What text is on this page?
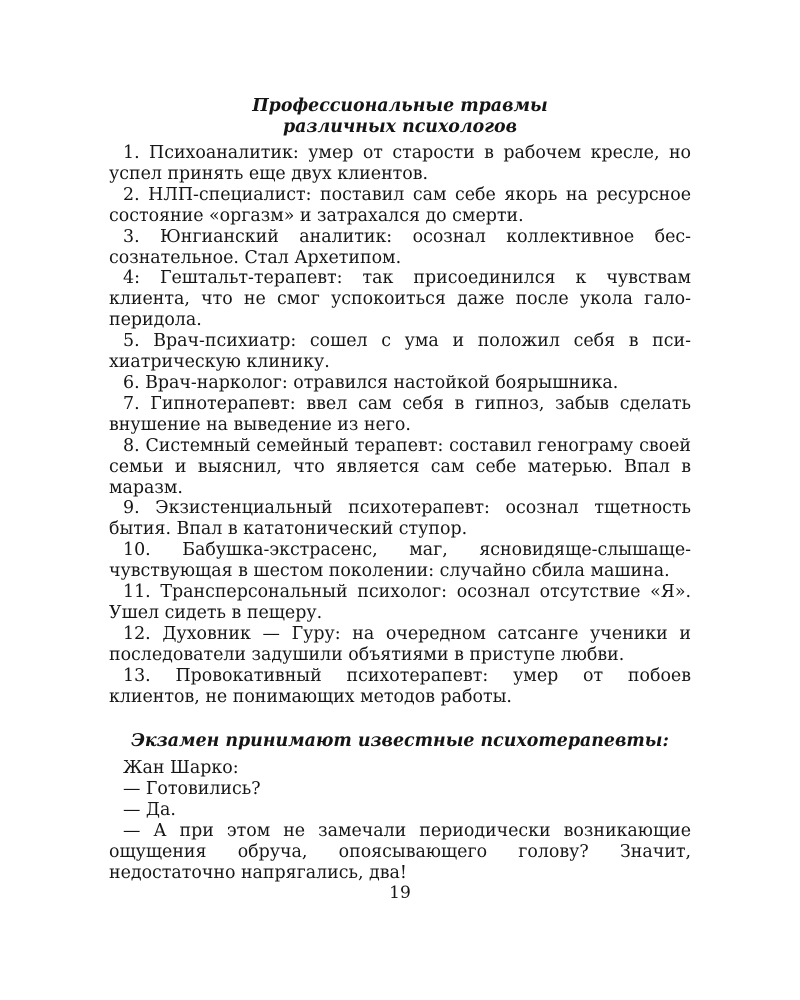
Профессиональные травмы
различных психологов

1. Психоаналитик: умер от старости в рабочем кресле, но успел принять еще двух клиентов.

2. НЛП-специалист: поставил сам себе якорь на ресурсное состояние «оргазм» и затрахался до смерти.

3. Юнгианский аналитик: осознал коллективное бессознательное. Стал Архетипом.

4: Гештальт-терапевт: так присоединился к чувствам клиента, что не смог успокоиться даже после укола галоперидола.

5. Врач-психиатр: сошел с ума и положил себя в психиатрическую клинику.

6. Врач-нарколог: отравился настойкой боярышника.

7. Гипнотерапевт: ввел сам себя в гипноз, забыв сделать внушение на выведение из него.

8. Системный семейный терапевт: составил генограму своей семьи и выяснил, что является сам себе матерью. Впал в маразм.

9. Экзистенциальный психотерапевт: осознал тщетность бытия. Впал в кататонический ступор.

10. Бабушка-экстрасенс, маг, ясновидяще-слышащечувствующая в шестом поколении: случайно сбила машина.

11. Трансперсональный психолог: осознал отсутствие «Я». Ушел сидеть в пещеру.

12. Духовник — Гуру: на очередном сатсанге ученики и последователи задушили объятиями в приступе любви.

13. Провокативный психотерапевт: умер от побоев клиентов, не понимающих методов работы.

Экзамен принимают известные психотерапевты:

Жан Шарко:

— Готовились?

— Да.

— А при этом не замечали периодически возникающие ощущения обруча, опоясывающего голову? Значит, недостаточно напрягались, два!

19
